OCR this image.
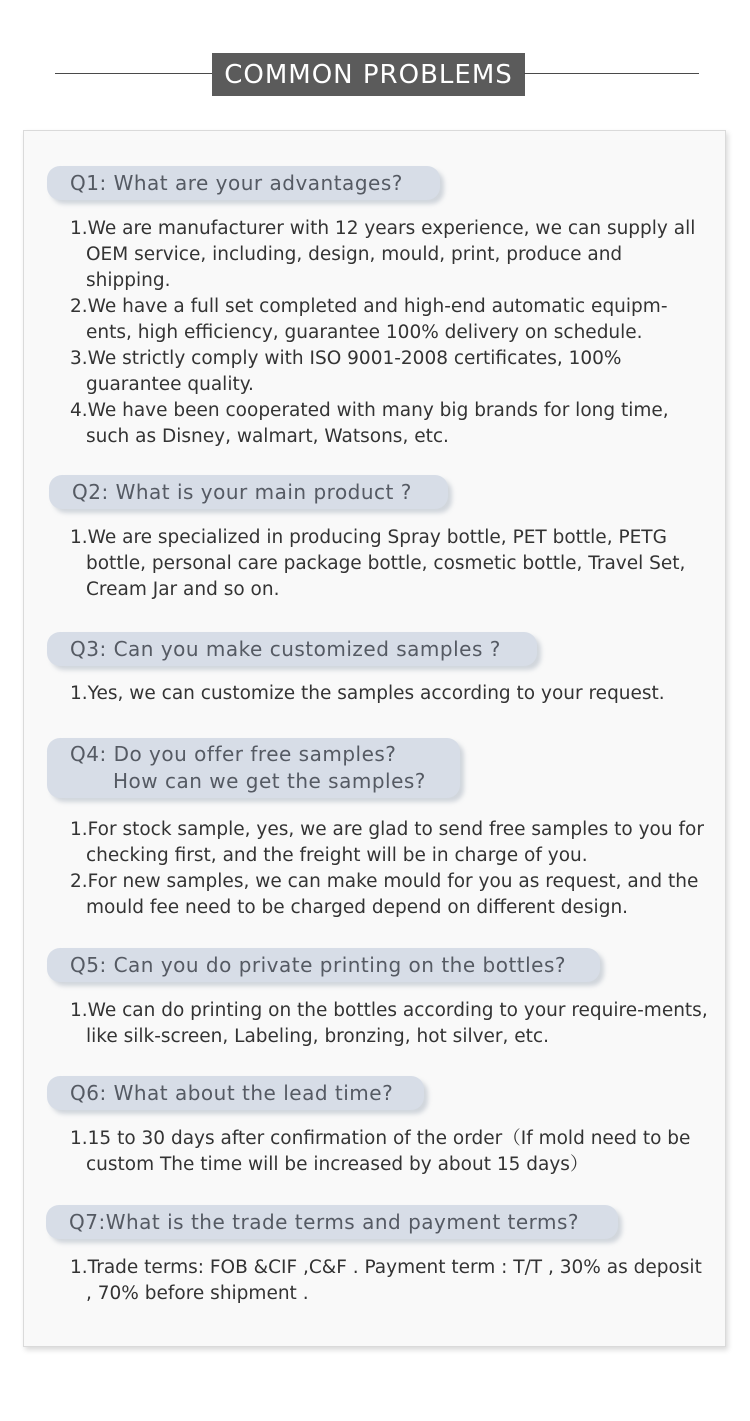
COMMON PROBLEMS
Q1: What are your advantages?

1.We are manufacturer with 12 years experience, we can supply all OEM service, including, design, mould, print, produce and shipping.

2.We have a full set completed and high-end automatic equipm-ents, high efficiency, guarantee 100% delivery on schedule.

3.We strictly comply with ISO 9001-2008 certificates, 100% guarantee quality.

4.We have been cooperated with many big brands for long time, such as Disney, walmart, Watsons, etc.

Q2: What is your main product ?

1.We are specialized in producing Spray bottle, PET bottle, PETG bottle, personal care package bottle, cosmetic bottle, Travel Set, Cream Jar and so on.

Q3: Can you make customized samples ?

1.Yes, we can customize the samples according to your request.

Q4: Do you offer free samples?
How can we get the samples?

1.For stock sample, yes, we are glad to send free samples to you for checking first, and the freight will be in charge of you.

2.For new samples, we can make mould for you as request, and the mould fee need to be charged depend on different design.

Q5: Can you do private printing on the bottles?

1.We can do printing on the bottles according to your require-ments, like silk-screen, Labeling, bronzing, hot silver, etc.

Q6: What about the lead time?

1.15 to 30 days after confirmation of the order（If mold need to be custom The time will be increased by about 15 days）

Q7:What is the trade terms and payment terms?

1.Trade terms: FOB &CIF ,C&F . Payment term : T/T , 30% as deposit , 70% before shipment .
